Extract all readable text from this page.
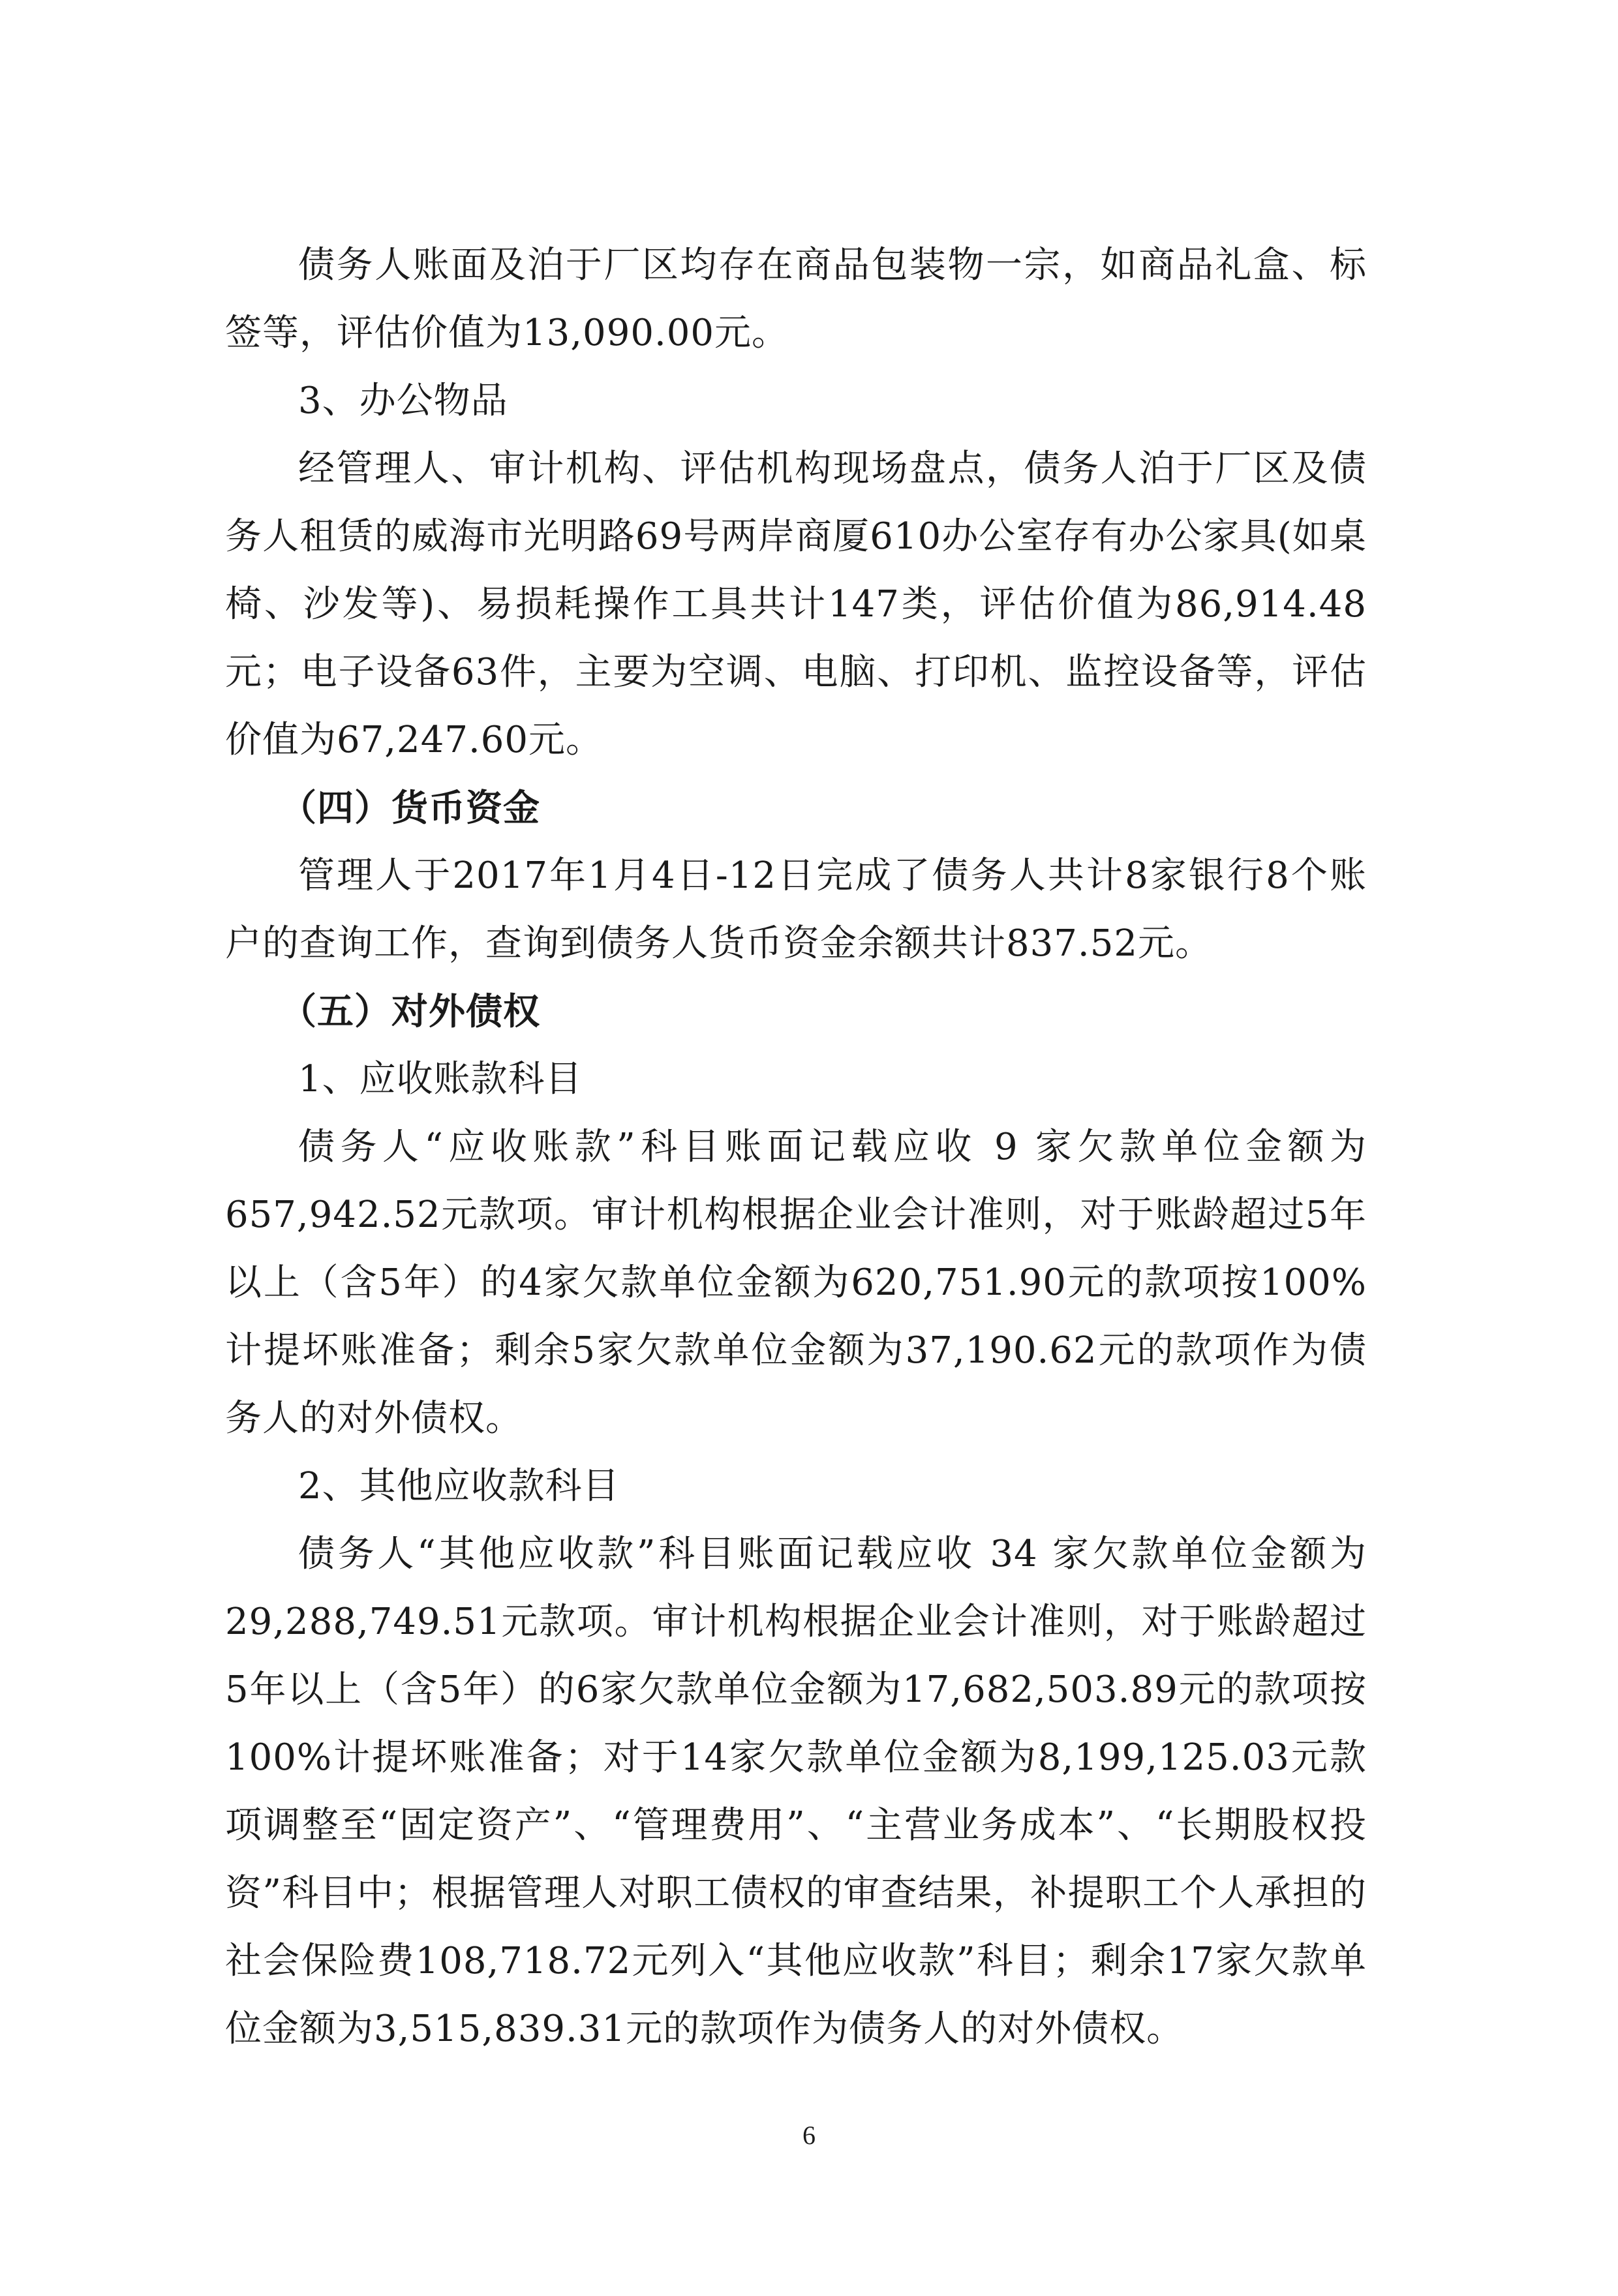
债务人账面及泊于厂区均存在商品包装物一宗，如商品礼盒、标签等，评估价值为13,090.00元。

3、办公物品

经管理人、审计机构、评估机构现场盘点，债务人泊于厂区及债务人租赁的威海市光明路69号两岸商厦610办公室存有办公家具(如桌椅、沙发等)、易损耗操作工具共计147类，评估价值为86,914.48元；电子设备63件，主要为空调、电脑、打印机、监控设备等，评估价值为67,247.60元。

（四）货币资金

管理人于2017年1月4日-12日完成了债务人共计8家银行8个账户的查询工作，查询到债务人货币资金余额共计837.52元。

（五）对外债权

1、应收账款科目

债务人“应收账款”科目账面记载应收 9 家欠款单位金额为657,942.52元款项。审计机构根据企业会计准则，对于账龄超过5年以上（含5年）的4家欠款单位金额为620,751.90元的款项按100%计提坏账准备；剩余5家欠款单位金额为37,190.62元的款项作为债务人的对外债权。

2、其他应收款科目

债务人“其他应收款”科目账面记载应收 34 家欠款单位金额为29,288,749.51元款项。审计机构根据企业会计准则，对于账龄超过5年以上（含5年）的6家欠款单位金额为17,682,503.89元的款项按100%计提坏账准备；对于14家欠款单位金额为8,199,125.03元款项调整至“固定资产”、“管理费用”、“主营业务成本”、“长期股权投资”科目中；根据管理人对职工债权的审查结果，补提职工个人承担的社会保险费108,718.72元列入“其他应收款”科目；剩余17家欠款单位金额为3,515,839.31元的款项作为债务人的对外债权。

6
